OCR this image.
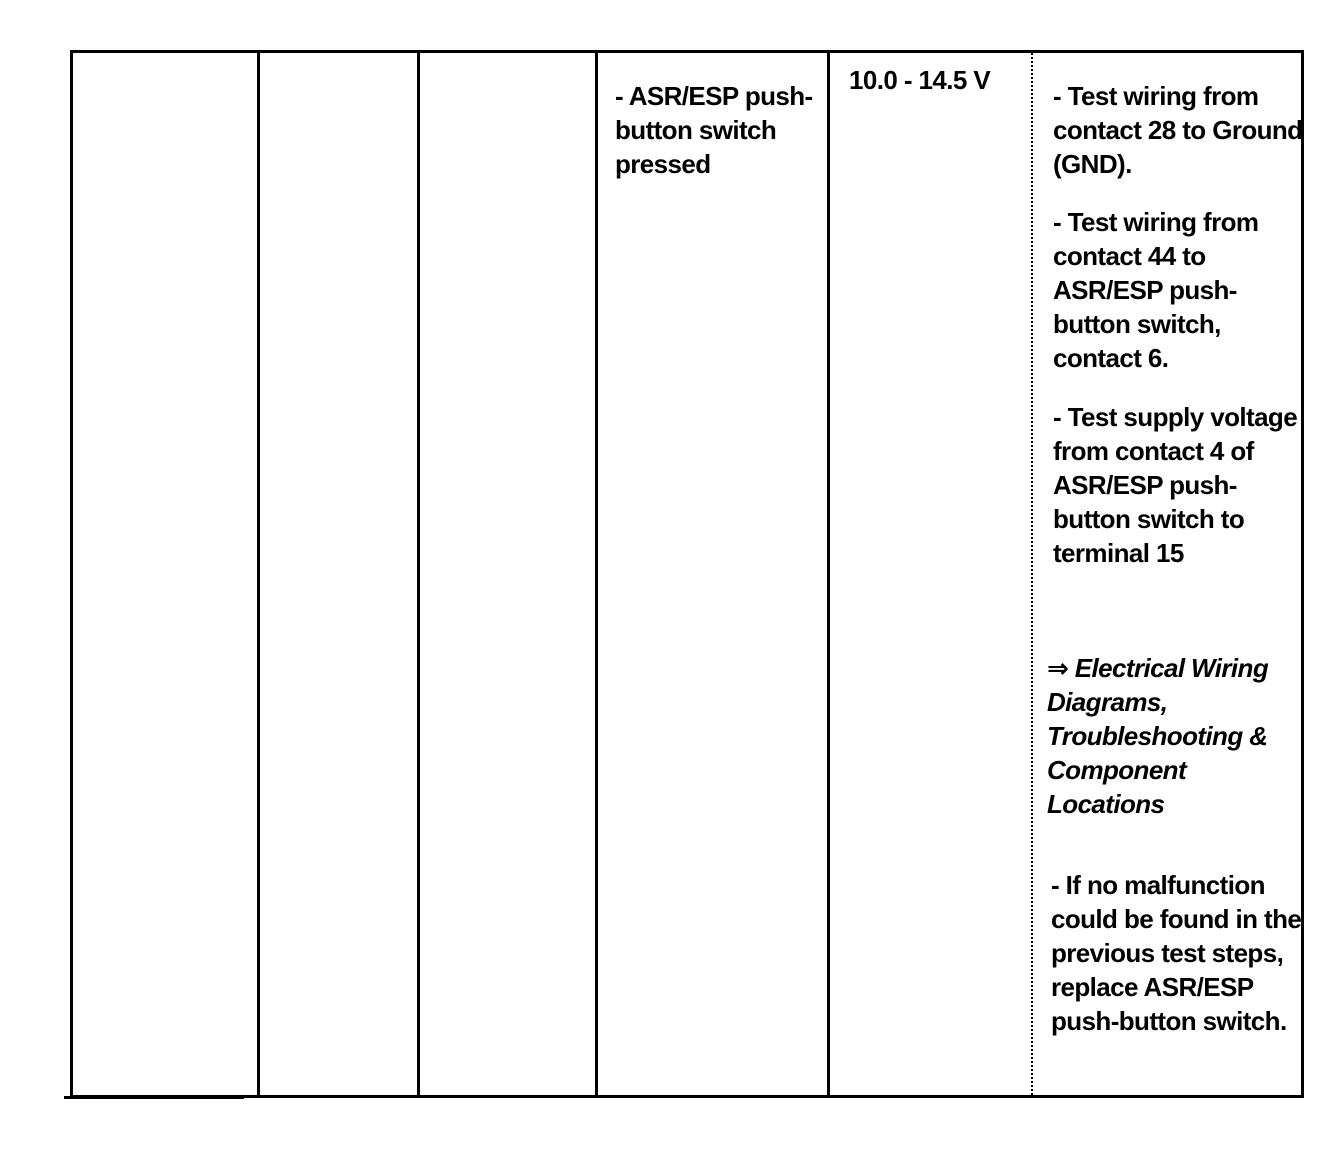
- ASR/ESP push-button switch pressed
10.0 - 14.5 V
- Test wiring from contact 28 to Ground (GND).
- Test wiring from contact 44 to ASR/ESP push-button switch, contact 6.
- Test supply voltage from contact 4 of ASR/ESP push-button switch to terminal 15
⇒ Electrical Wiring Diagrams, Troubleshooting & Component Locations
- If no malfunction could be found in the previous test steps, replace ASR/ESP push-button switch.
